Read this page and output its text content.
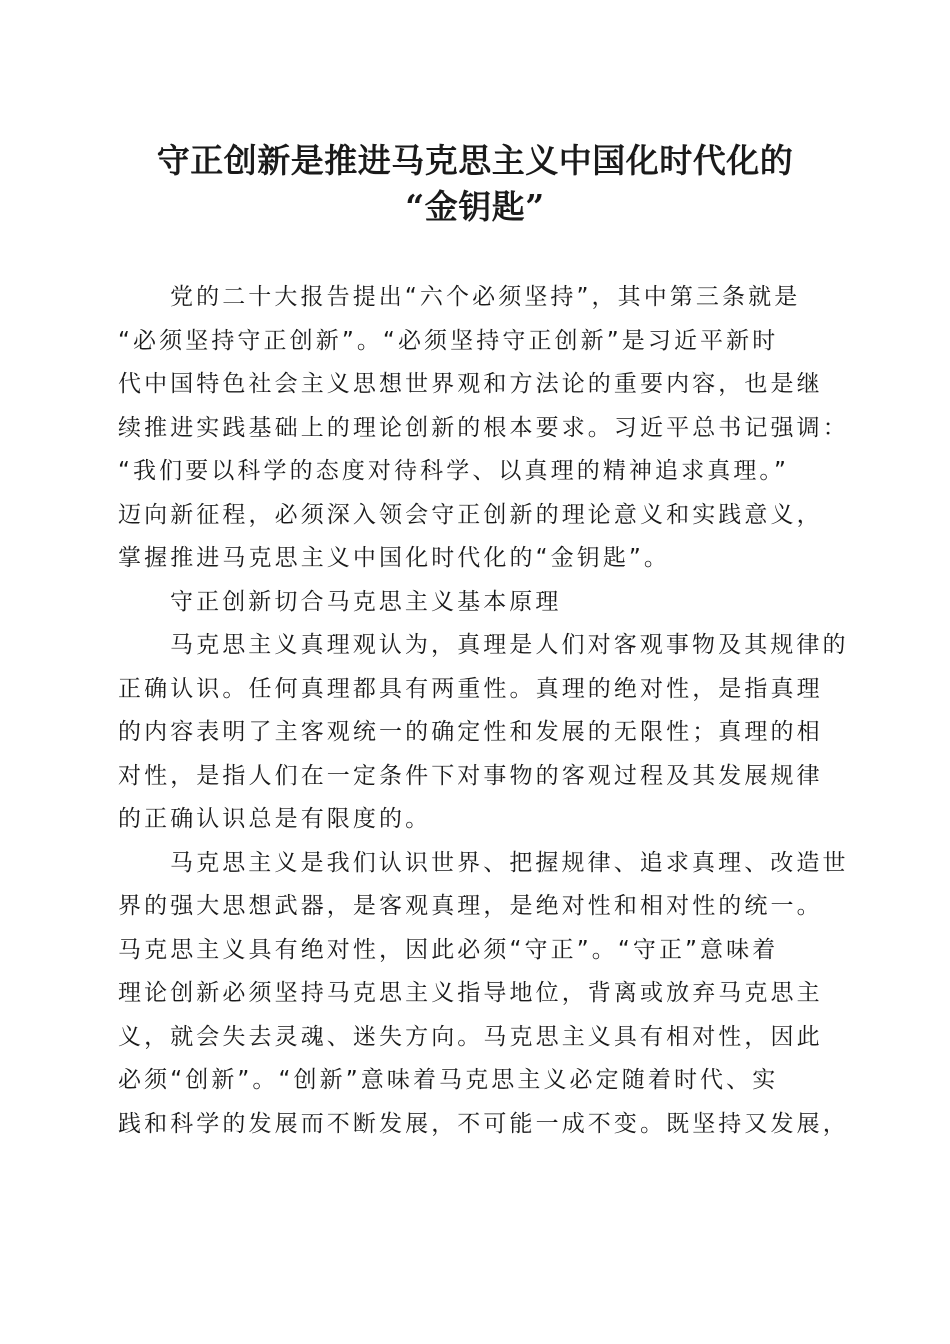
守正创新是推进马克思主义中国化时代化的
“金钥匙”

党的二十大报告提出“六个必须坚持”，其中第三条就是
“必须坚持守正创新”。“必须坚持守正创新”是习近平新时
代中国特色社会主义思想世界观和方法论的重要内容，也是继
续推进实践基础上的理论创新的根本要求。习近平总书记强调：
“我们要以科学的态度对待科学、以真理的精神追求真理。”
迈向新征程，必须深入领会守正创新的理论意义和实践意义，
掌握推进马克思主义中国化时代化的“金钥匙”。

守正创新切合马克思主义基本原理

马克思主义真理观认为，真理是人们对客观事物及其规律的
正确认识。任何真理都具有两重性。真理的绝对性，是指真理
的内容表明了主客观统一的确定性和发展的无限性；真理的相
对性，是指人们在一定条件下对事物的客观过程及其发展规律
的正确认识总是有限度的。

马克思主义是我们认识世界、把握规律、追求真理、改造世
界的强大思想武器，是客观真理，是绝对性和相对性的统一。
马克思主义具有绝对性，因此必须“守正”。“守正”意味着
理论创新必须坚持马克思主义指导地位，背离或放弃马克思主
义，就会失去灵魂、迷失方向。马克思主义具有相对性，因此
必须“创新”。“创新”意味着马克思主义必定随着时代、实
践和科学的发展而不断发展，不可能一成不变。既坚持又发展，
